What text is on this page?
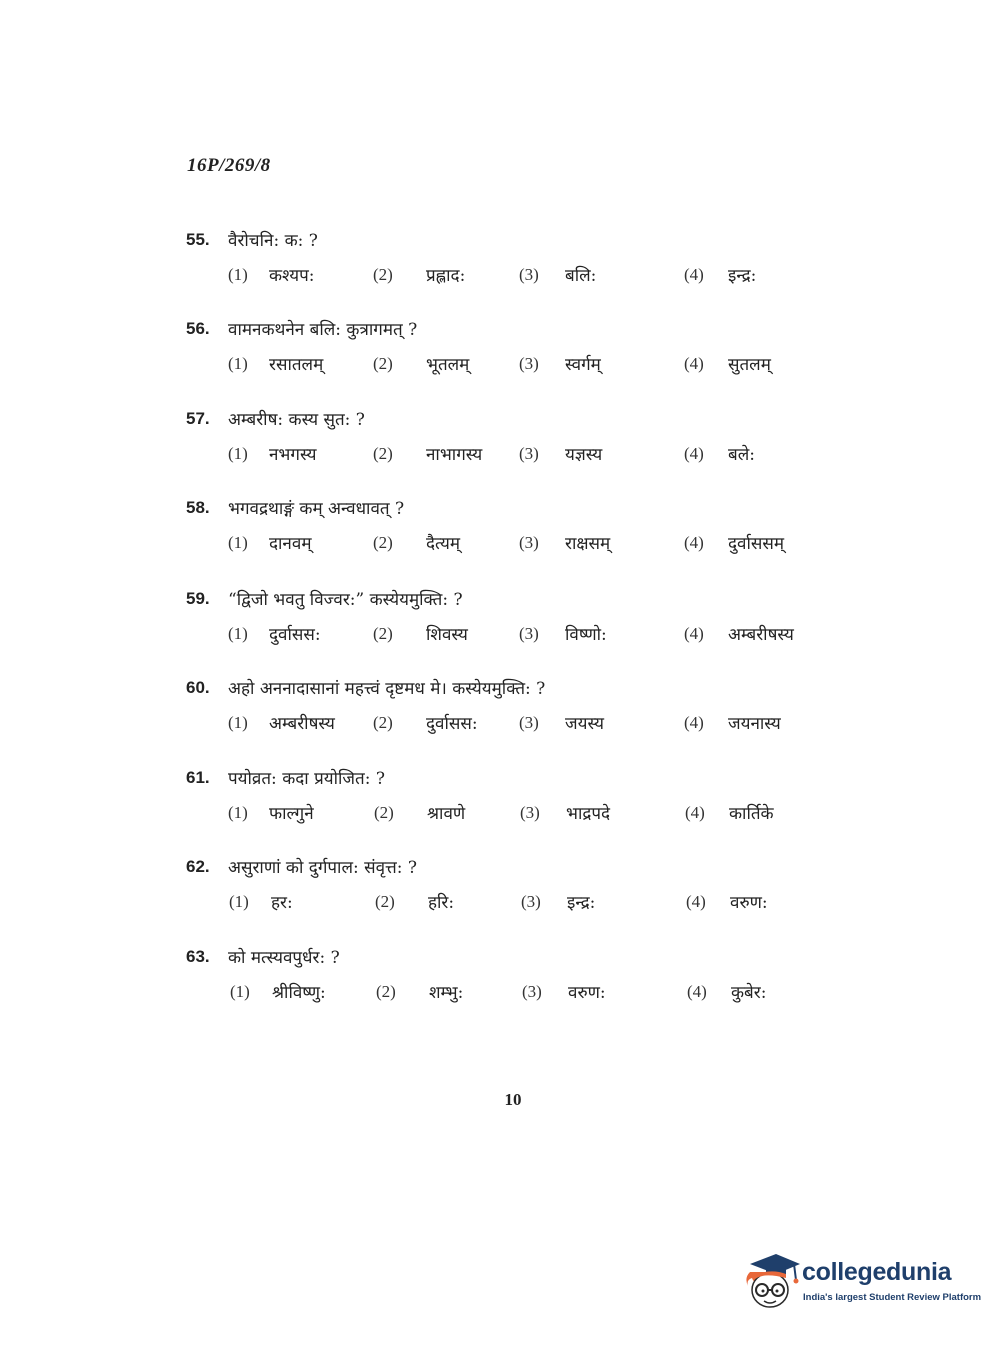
16P/269/8
55. वैरोचनि: क: ?
(1) कश्यप:	(2) प्रह्लाद:	(3) बलि:	(4) इन्द्र:
56. वामनकथनेन बलि: कुत्रागमत् ?
(1) रसातलम्	(2) भूतलम्	(3) स्वर्गम्	(4) सुतलम्
57. अम्बरीष: कस्य सुत: ?
(1) नभगस्य	(2) नाभागस्य (3) यज्ञस्य	(4) बले:
58. भगवद्रथाङ्गं कम् अन्वधावत् ?
(1) दानवम्	(2) दैत्यम्	(3) राक्षसम्	(4) दुर्वाससम्
59. “द्विजो भवतु विज्वर:” कस्येयमुक्ति: ?
(1) दुर्वासस:	(2) शिवस्य	(3) विष्णो:	(4) अम्बरीषस्य
60. अहो अननादासानां महत्त्वं दृष्टमध मे। कस्येयमुक्ति: ?
(1) अम्बरीषस्य (2) दुर्वासस: (3) जयस्य	(4) जयनास्य
61. पयोव्रत: कदा प्रयोजित: ?
(1) फाल्गुने	(2) श्रावणे	(3) भाद्रपदे	(4) कार्तिके
62. असुराणां को दुर्गपाल: संवृत्त: ?
(1) हर:	(2) हरि:	(3) इन्द्र:	(4) वरुण:
63. को मत्स्यवपुर्धर: ?
(1) श्रीविष्णु:	(2) शम्भु:	(3) वरुण:	(4) कुबेर:
10
collegedunia
India's largest Student Review Platform
